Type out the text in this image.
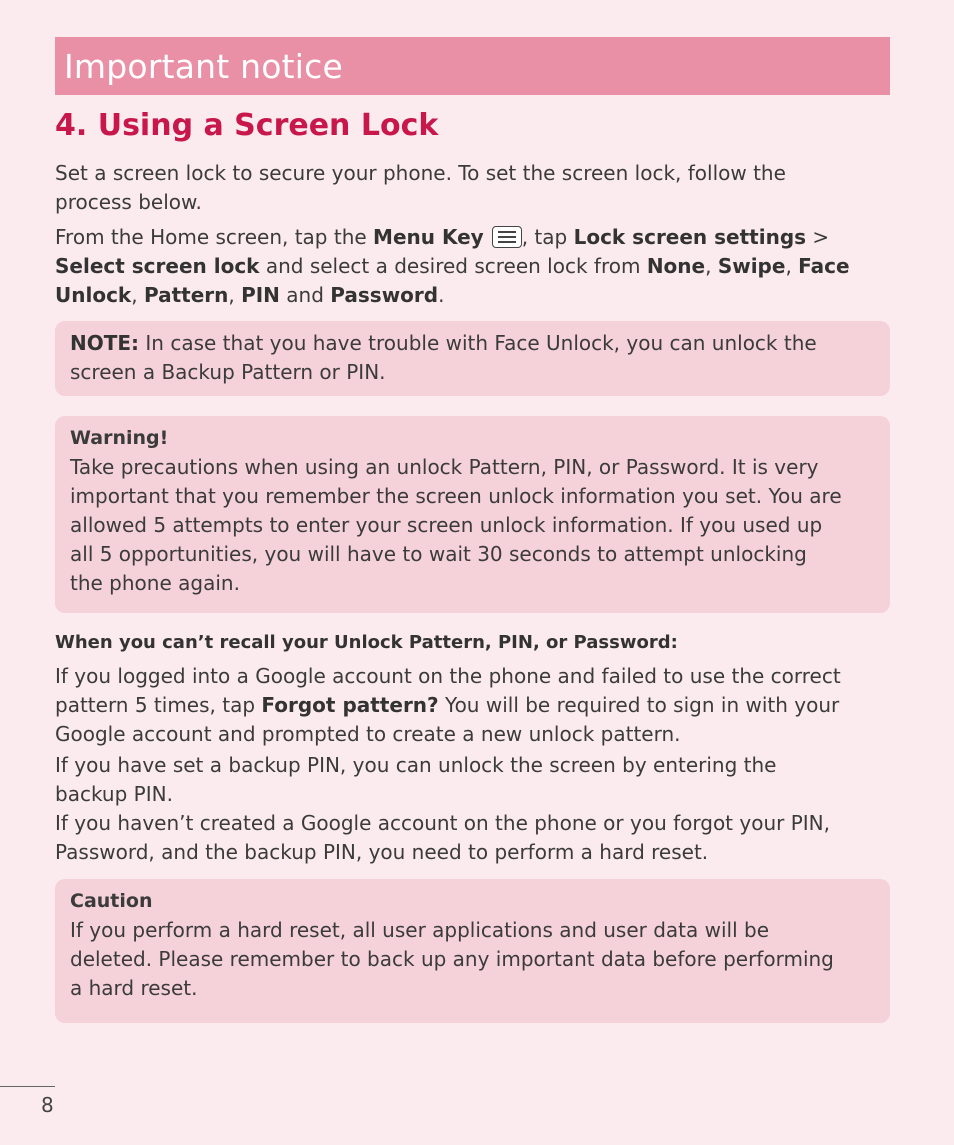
Important notice
4. Using a Screen Lock

Set a screen lock to secure your phone. To set the screen lock, follow the
process below.

From the Home screen, tap the Menu Key , tap Lock screen settings >
Select screen lock and select a desired screen lock from None, Swipe, Face
Unlock, Pattern, PIN and Password.

NOTE: In case that you have trouble with Face Unlock, you can unlock the
screen a Backup Pattern or PIN.
Warning!
Take precautions when using an unlock Pattern, PIN, or Password. It is very
important that you remember the screen unlock information you set. You are
allowed 5 attempts to enter your screen unlock information. If you used up
all 5 opportunities, you will have to wait 30 seconds to attempt unlocking
the phone again.
When you can’t recall your Unlock Pattern, PIN, or Password:

If you logged into a Google account on the phone and failed to use the correct
pattern 5 times, tap Forgot pattern? You will be required to sign in with your
Google account and prompted to create a new unlock pattern.

If you have set a backup PIN, you can unlock the screen by entering the
backup PIN.

If you haven’t created a Google account on the phone or you forgot your PIN,
Password, and the backup PIN, you need to perform a hard reset.

Caution
If you perform a hard reset, all user applications and user data will be
deleted. Please remember to back up any important data before performing
a hard reset.
8
